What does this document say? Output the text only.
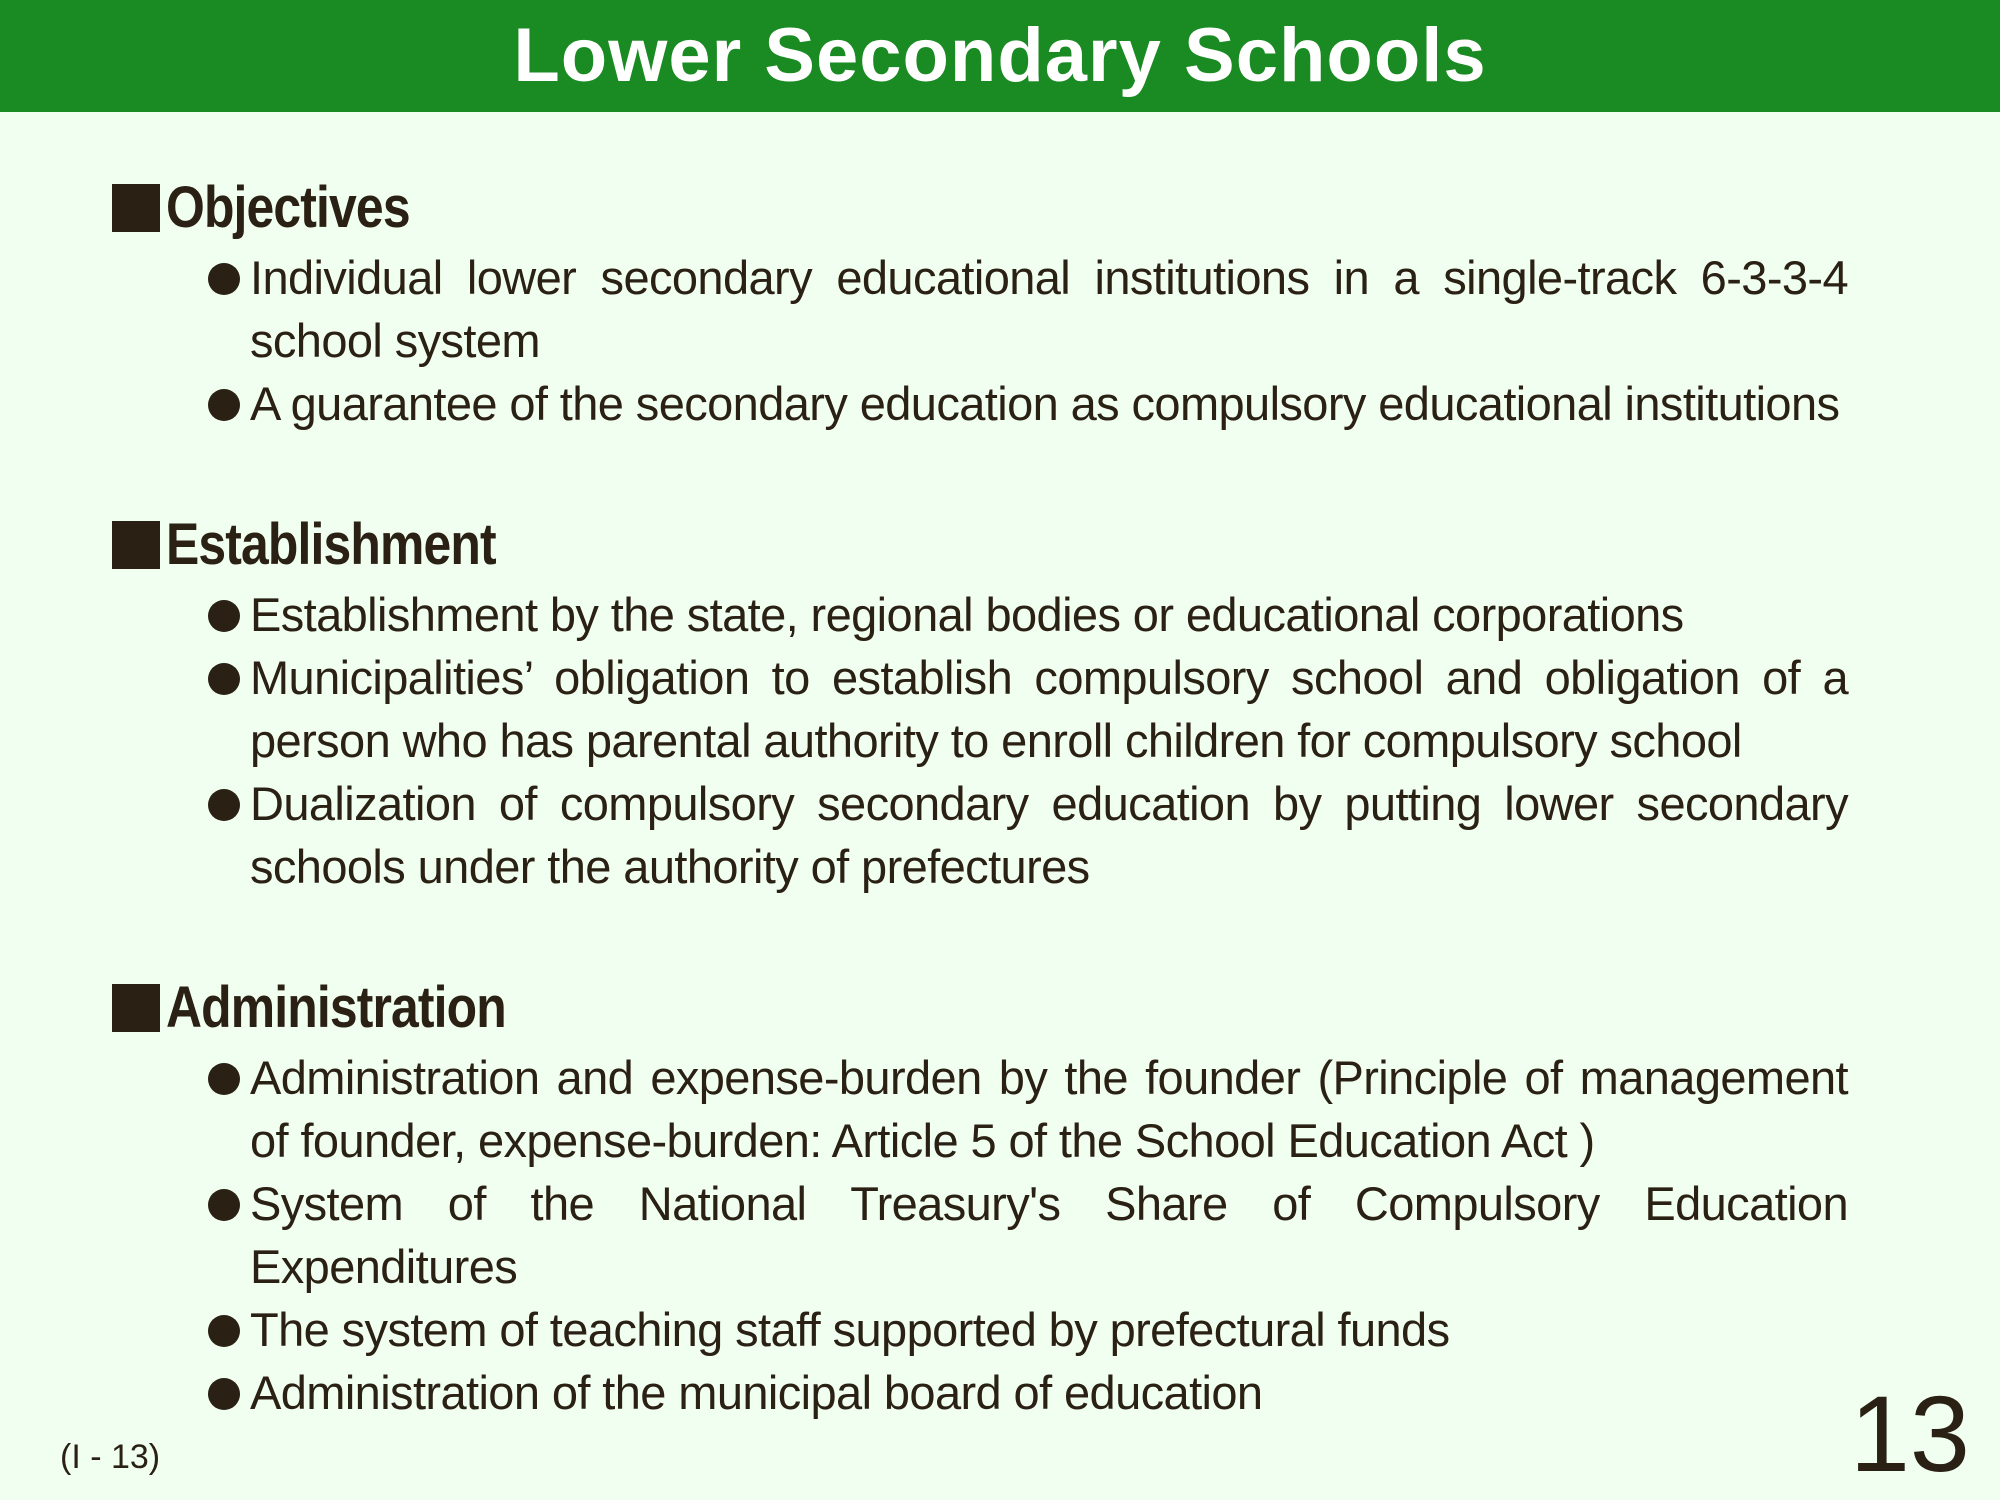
Lower Secondary Schools
Objectives
Individual lower secondary educational institutions in a single-track 6-3-3-4 school system
A guarantee of the secondary education as compulsory educational institutions
Establishment
Establishment by the state, regional bodies or educational corporations
Municipalities’ obligation to establish compulsory school and obligation of a person who has parental authority to enroll children for compulsory school
Dualization of compulsory secondary education by putting lower secondary schools under the authority of prefectures
Administration
Administration and expense-burden by the founder (Principle of management of founder, expense-burden: Article 5 of the School Education Act )
System of the National Treasury's Share of Compulsory Education Expenditures
The system of teaching staff supported by prefectural funds
Administration of the municipal board of education
(I - 13)	13
